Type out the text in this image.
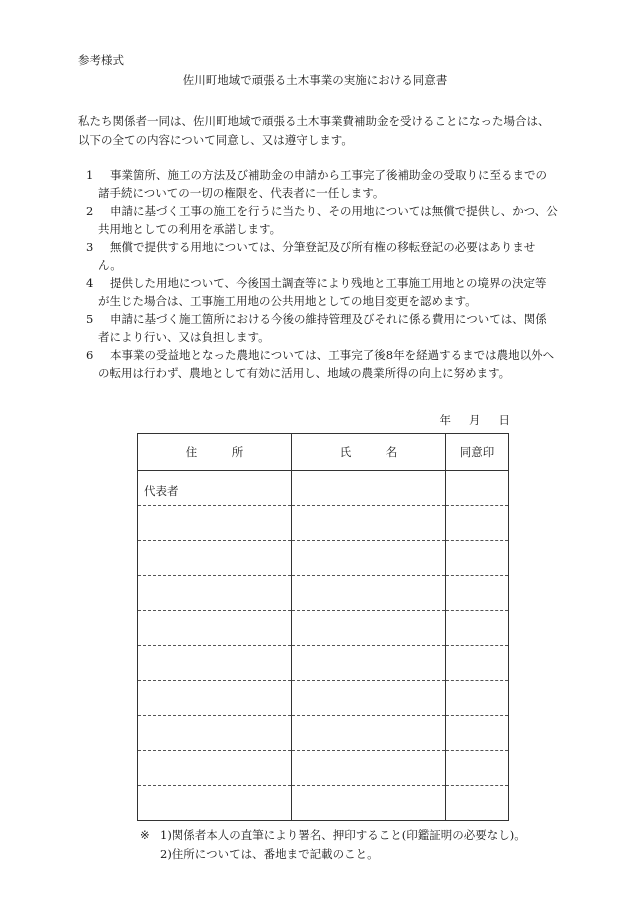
参考様式
佐川町地域で頑張る土木事業の実施における同意書
私たち関係者一同は、佐川町地域で頑張る土木事業費補助金を受けることになった場合は、以下の全ての内容について同意し、又は遵守します。
1	事業箇所、施工の方法及び補助金の申請から工事完了後補助金の受取りに至るまでの諸手続についての一切の権限を、代表者に一任します。
2	申請に基づく工事の施工を行うに当たり、その用地については無償で提供し、かつ、公共用地としての利用を承諾します。
3	無償で提供する用地については、分筆登記及び所有権の移転登記の必要はありません。
4	提供した用地について、今後国土調査等により残地と工事施工用地との境界の決定等が生じた場合は、工事施工用地の公共用地としての地目変更を認めます。
5	申請に基づく施工箇所における今後の維持管理及びそれに係る費用については、関係者により行い、又は負担します。
6	本事業の受益地となった農地については、工事完了後8年を経過するまでは農地以外への転用は行わず、農地として有効に活用し、地域の農業所得の向上に努めます。
年 月 日
住　　　所	氏　　　名	同意印
代表者		

※ 1)関係者本人の直筆により署名、押印すること(印鑑証明の必要なし)。
2)住所については、番地まで記載のこと。
